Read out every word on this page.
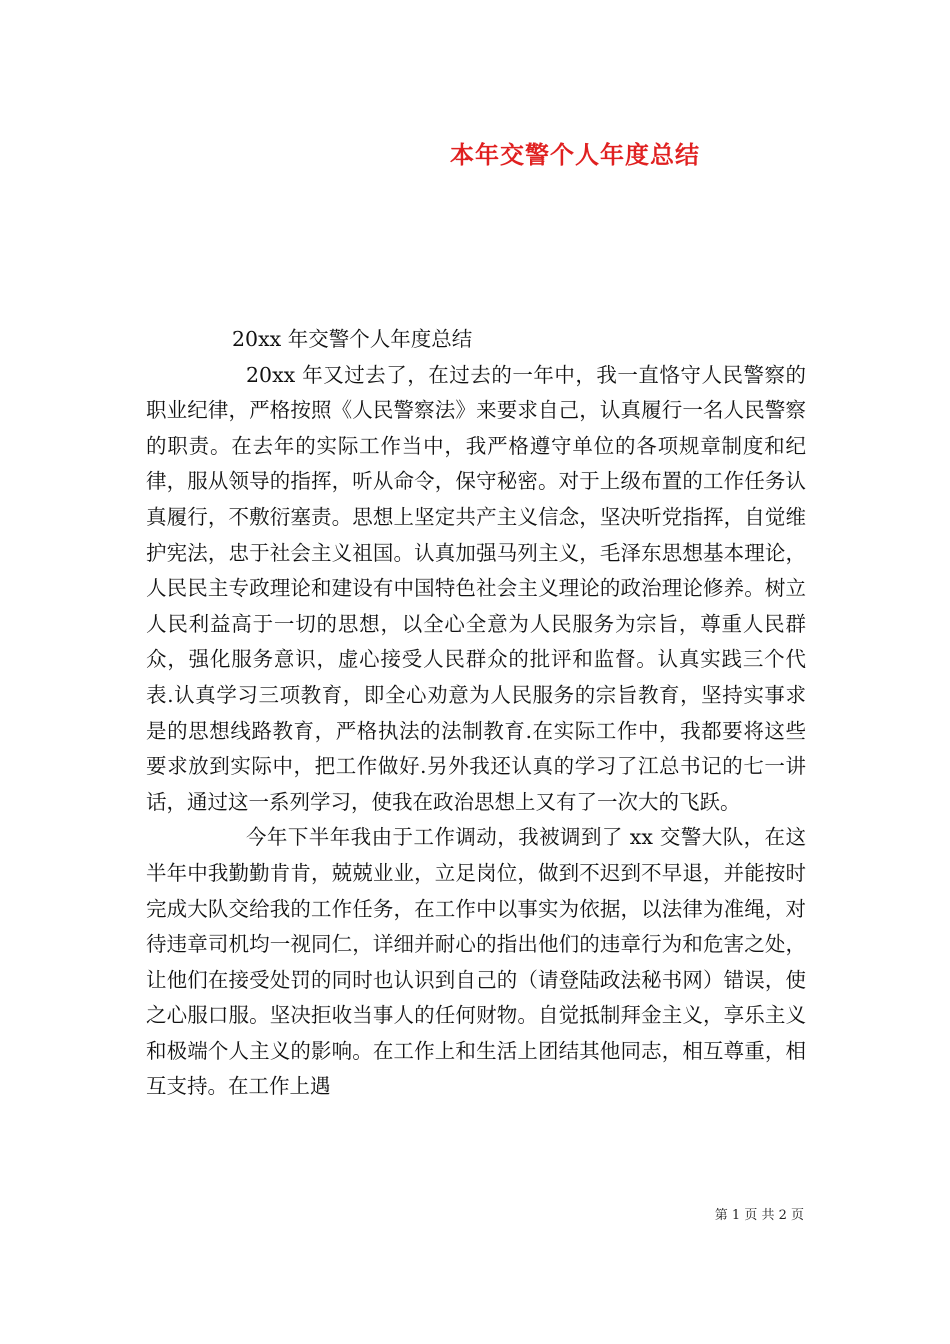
本年交警个人年度总结

20xx 年交警个人年度总结

20xx 年又过去了，在过去的一年中，我一直恪守人民警察的职业纪律，严格按照《人民警察法》来要求自己，认真履行一名人民警察的职责。在去年的实际工作当中，我严格遵守单位的各项规章制度和纪律，服从领导的指挥，听从命令，保守秘密。对于上级布置的工作任务认真履行，不敷衍塞责。思想上坚定共产主义信念，坚决听党指挥，自觉维护宪法，忠于社会主义祖国。认真加强马列主义，毛泽东思想基本理论，人民民主专政理论和建设有中国特色社会主义理论的政治理论修养。树立人民利益高于一切的思想，以全心全意为人民服务为宗旨，尊重人民群众，强化服务意识，虚心接受人民群众的批评和监督。认真实践三个代表.认真学习三项教育，即全心劝意为人民服务的宗旨教育，坚持实事求是的思想线路教育，严格执法的法制教育.在实际工作中，我都要将这些要求放到实际中，把工作做好.另外我还认真的学习了江总书记的七一讲话，通过这一系列学习，使我在政治思想上又有了一次大的飞跃。

今年下半年我由于工作调动，我被调到了 xx 交警大队，在这半年中我勤勤肯肯，兢兢业业，立足岗位，做到不迟到不早退，并能按时完成大队交给我的工作任务，在工作中以事实为依据，以法律为准绳，对待违章司机均一视同仁，详细并耐心的指出他们的违章行为和危害之处，让他们在接受处罚的同时也认识到自己的（请登陆政法秘书网）错误，使之心服口服。坚决拒收当事人的任何财物。自觉抵制拜金主义，享乐主义和极端个人主义的影响。在工作上和生活上团结其他同志，相互尊重，相互支持。在工作上遇

第 1 页 共 2 页
